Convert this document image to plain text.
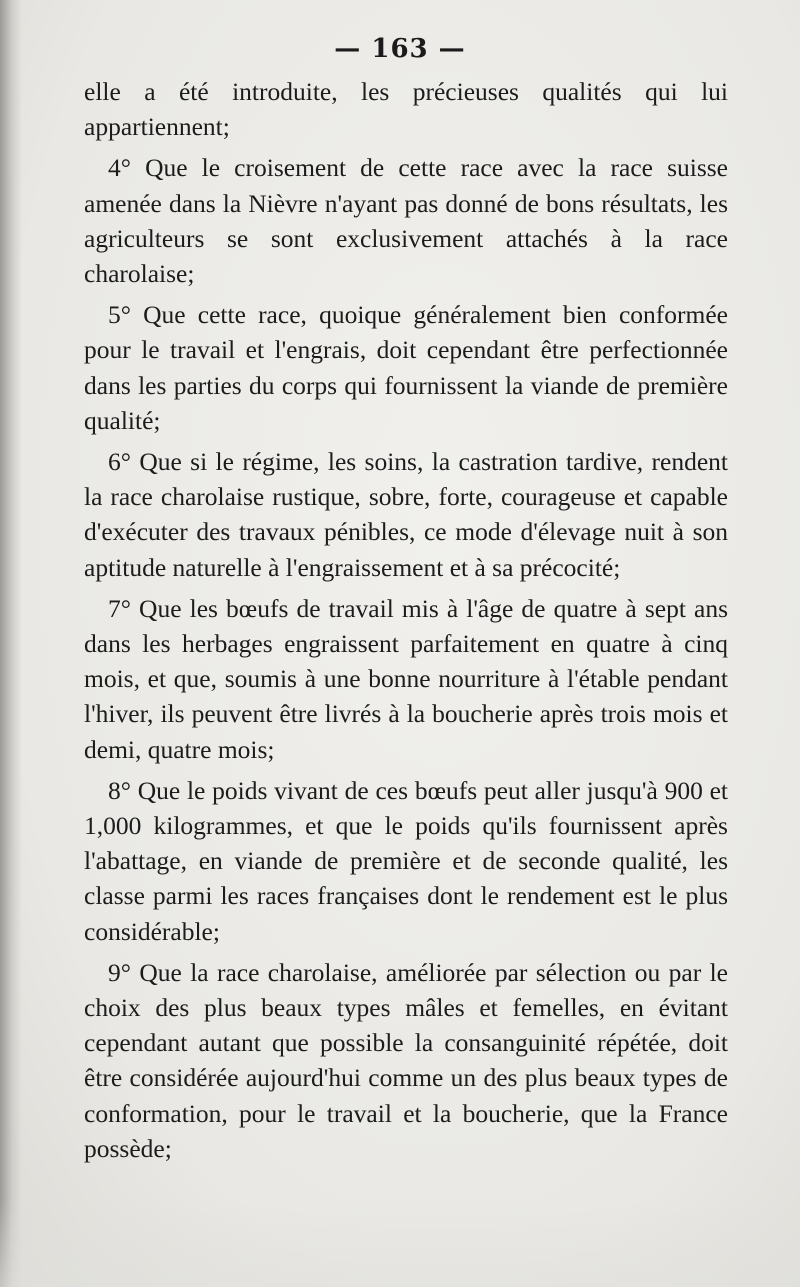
— 163 —

elle a été introduite, les précieuses qualités qui lui appartiennent;

4° Que le croisement de cette race avec la race suisse amenée dans la Nièvre n'ayant pas donné de bons résultats, les agriculteurs se sont exclusivement attachés à la race charolaise;

5° Que cette race, quoique généralement bien conformée pour le travail et l'engrais, doit cependant être perfectionnée dans les parties du corps qui fournissent la viande de première qualité;

6° Que si le régime, les soins, la castration tardive, rendent la race charolaise rustique, sobre, forte, courageuse et capable d'exécuter des travaux pénibles, ce mode d'élevage nuit à son aptitude naturelle à l'engraissement et à sa précocité;

7° Que les bœufs de travail mis à l'âge de quatre à sept ans dans les herbages engraissent parfaitement en quatre à cinq mois, et que, soumis à une bonne nourriture à l'étable pendant l'hiver, ils peuvent être livrés à la boucherie après trois mois et demi, quatre mois;

8° Que le poids vivant de ces bœufs peut aller jusqu'à 900 et 1,000 kilogrammes, et que le poids qu'ils fournissent après l'abattage, en viande de première et de seconde qualité, les classe parmi les races françaises dont le rendement est le plus considérable;

9° Que la race charolaise, améliorée par sélection ou par le choix des plus beaux types mâles et femelles, en évitant cependant autant que possible la consanguinité répétée, doit être considérée aujourd'hui comme un des plus beaux types de conformation, pour le travail et la boucherie, que la France possède;
